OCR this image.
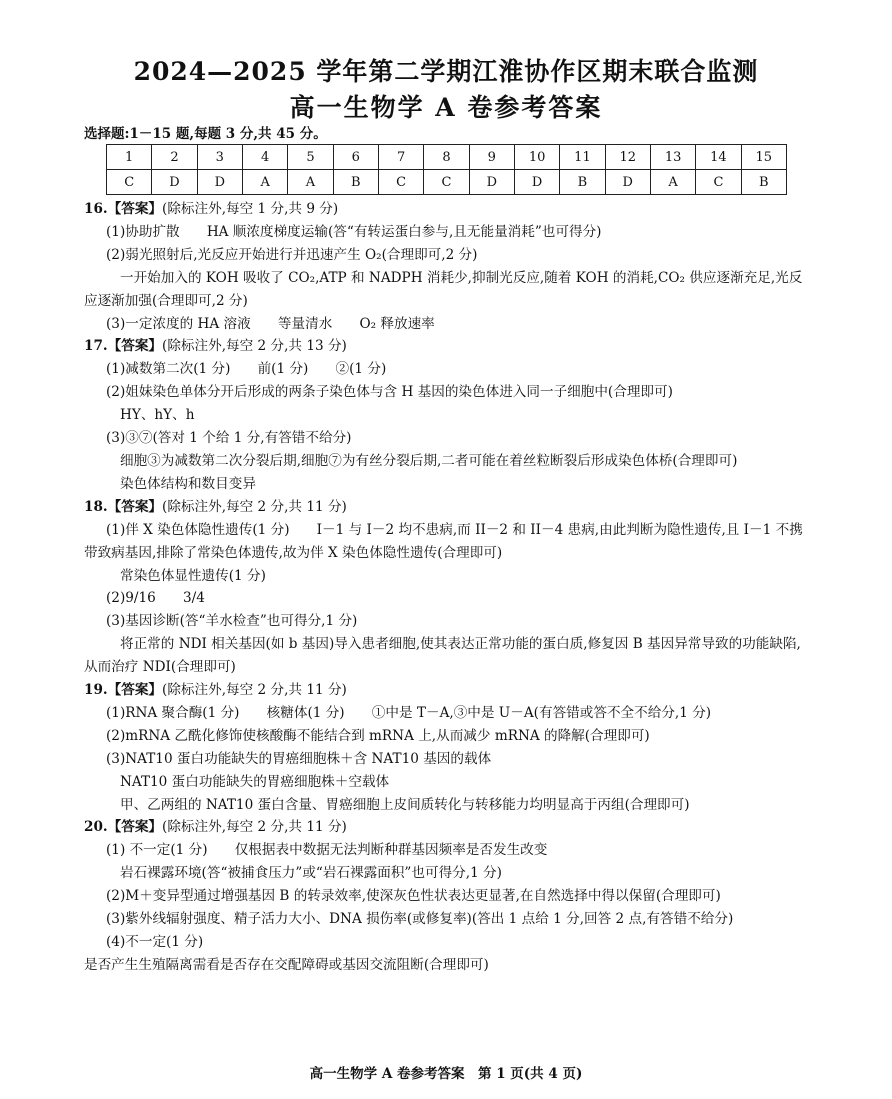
2024—2025 学年第二学期江淮协作区期末联合监测
高一生物学 A 卷参考答案
选择题:1－15 题,每题 3 分,共 45 分。
1	2	3	4	5	6	7	8	9	10	11	12	13	14	15
C	D	D	A	A	B	C	C	D	D	B	D	A	C	B
16.【答案】(除标注外,每空 1 分,共 9 分)
(1)协助扩散　　HA 顺浓度梯度运输(答“有转运蛋白参与,且无能量消耗”也可得分)
(2)弱光照射后,光反应开始进行并迅速产生 O₂(合理即可,2 分)
一开始加入的 KOH 吸收了 CO₂,ATP 和 NADPH 消耗少,抑制光反应,随着 KOH 的消耗,CO₂ 供应逐渐充足,光反应逐渐加强(合理即可,2 分)
(3)一定浓度的 HA 溶液　　等量清水　　O₂ 释放速率
17.【答案】(除标注外,每空 2 分,共 13 分)
(1)减数第二次(1 分)　　前(1 分)　　②(1 分)
(2)姐妹染色单体分开后形成的两条子染色体与含 H 基因的染色体进入同一子细胞中(合理即可)
HY、hY、h
(3)③⑦(答对 1 个给 1 分,有答错不给分)
细胞③为减数第二次分裂后期,细胞⑦为有丝分裂后期,二者可能在着丝粒断裂后形成染色体桥(合理即可)
染色体结构和数目变异
18.【答案】(除标注外,每空 2 分,共 11 分)
(1)伴 X 染色体隐性遗传(1 分)　　I－1 与 I－2 均不患病,而 II－2 和 II－4 患病,由此判断为隐性遗传,且 I－1 不携带致病基因,排除了常染色体遗传,故为伴 X 染色体隐性遗传(合理即可)
常染色体显性遗传(1 分)
(2)9/16　　3/4
(3)基因诊断(答“羊水检查”也可得分,1 分)
将正常的 NDI 相关基因(如 b 基因)导入患者细胞,使其表达正常功能的蛋白质,修复因 B 基因异常导致的功能缺陷,从而治疗 NDI(合理即可)
19.【答案】(除标注外,每空 2 分,共 11 分)
(1)RNA 聚合酶(1 分)　　核糖体(1 分)　　①中是 T－A,③中是 U－A(有答错或答不全不给分,1 分)
(2)mRNA 乙酰化修饰使核酸酶不能结合到 mRNA 上,从而减少 mRNA 的降解(合理即可)
(3)NAT10 蛋白功能缺失的胃癌细胞株＋含 NAT10 基因的载体
NAT10 蛋白功能缺失的胃癌细胞株＋空载体
甲、乙两组的 NAT10 蛋白含量、胃癌细胞上皮间质转化与转移能力均明显高于丙组(合理即可)
20.【答案】(除标注外,每空 2 分,共 11 分)
(1) 不一定(1 分)　　仅根据表中数据无法判断种群基因频率是否发生改变
岩石裸露环境(答“被捕食压力”或“岩石裸露面积”也可得分,1 分)
(2)M＋变异型通过增强基因 B 的转录效率,使深灰色性状表达更显著,在自然选择中得以保留(合理即可)
(3)紫外线辐射强度、精子活力大小、DNA 损伤率(或修复率)(答出 1 点给 1 分,回答 2 点,有答错不给分)
(4)不一定(1 分)
是否产生生殖隔离需看是否存在交配障碍或基因交流阻断(合理即可)
高一生物学 A 卷参考答案　第 1 页(共 4 页)
